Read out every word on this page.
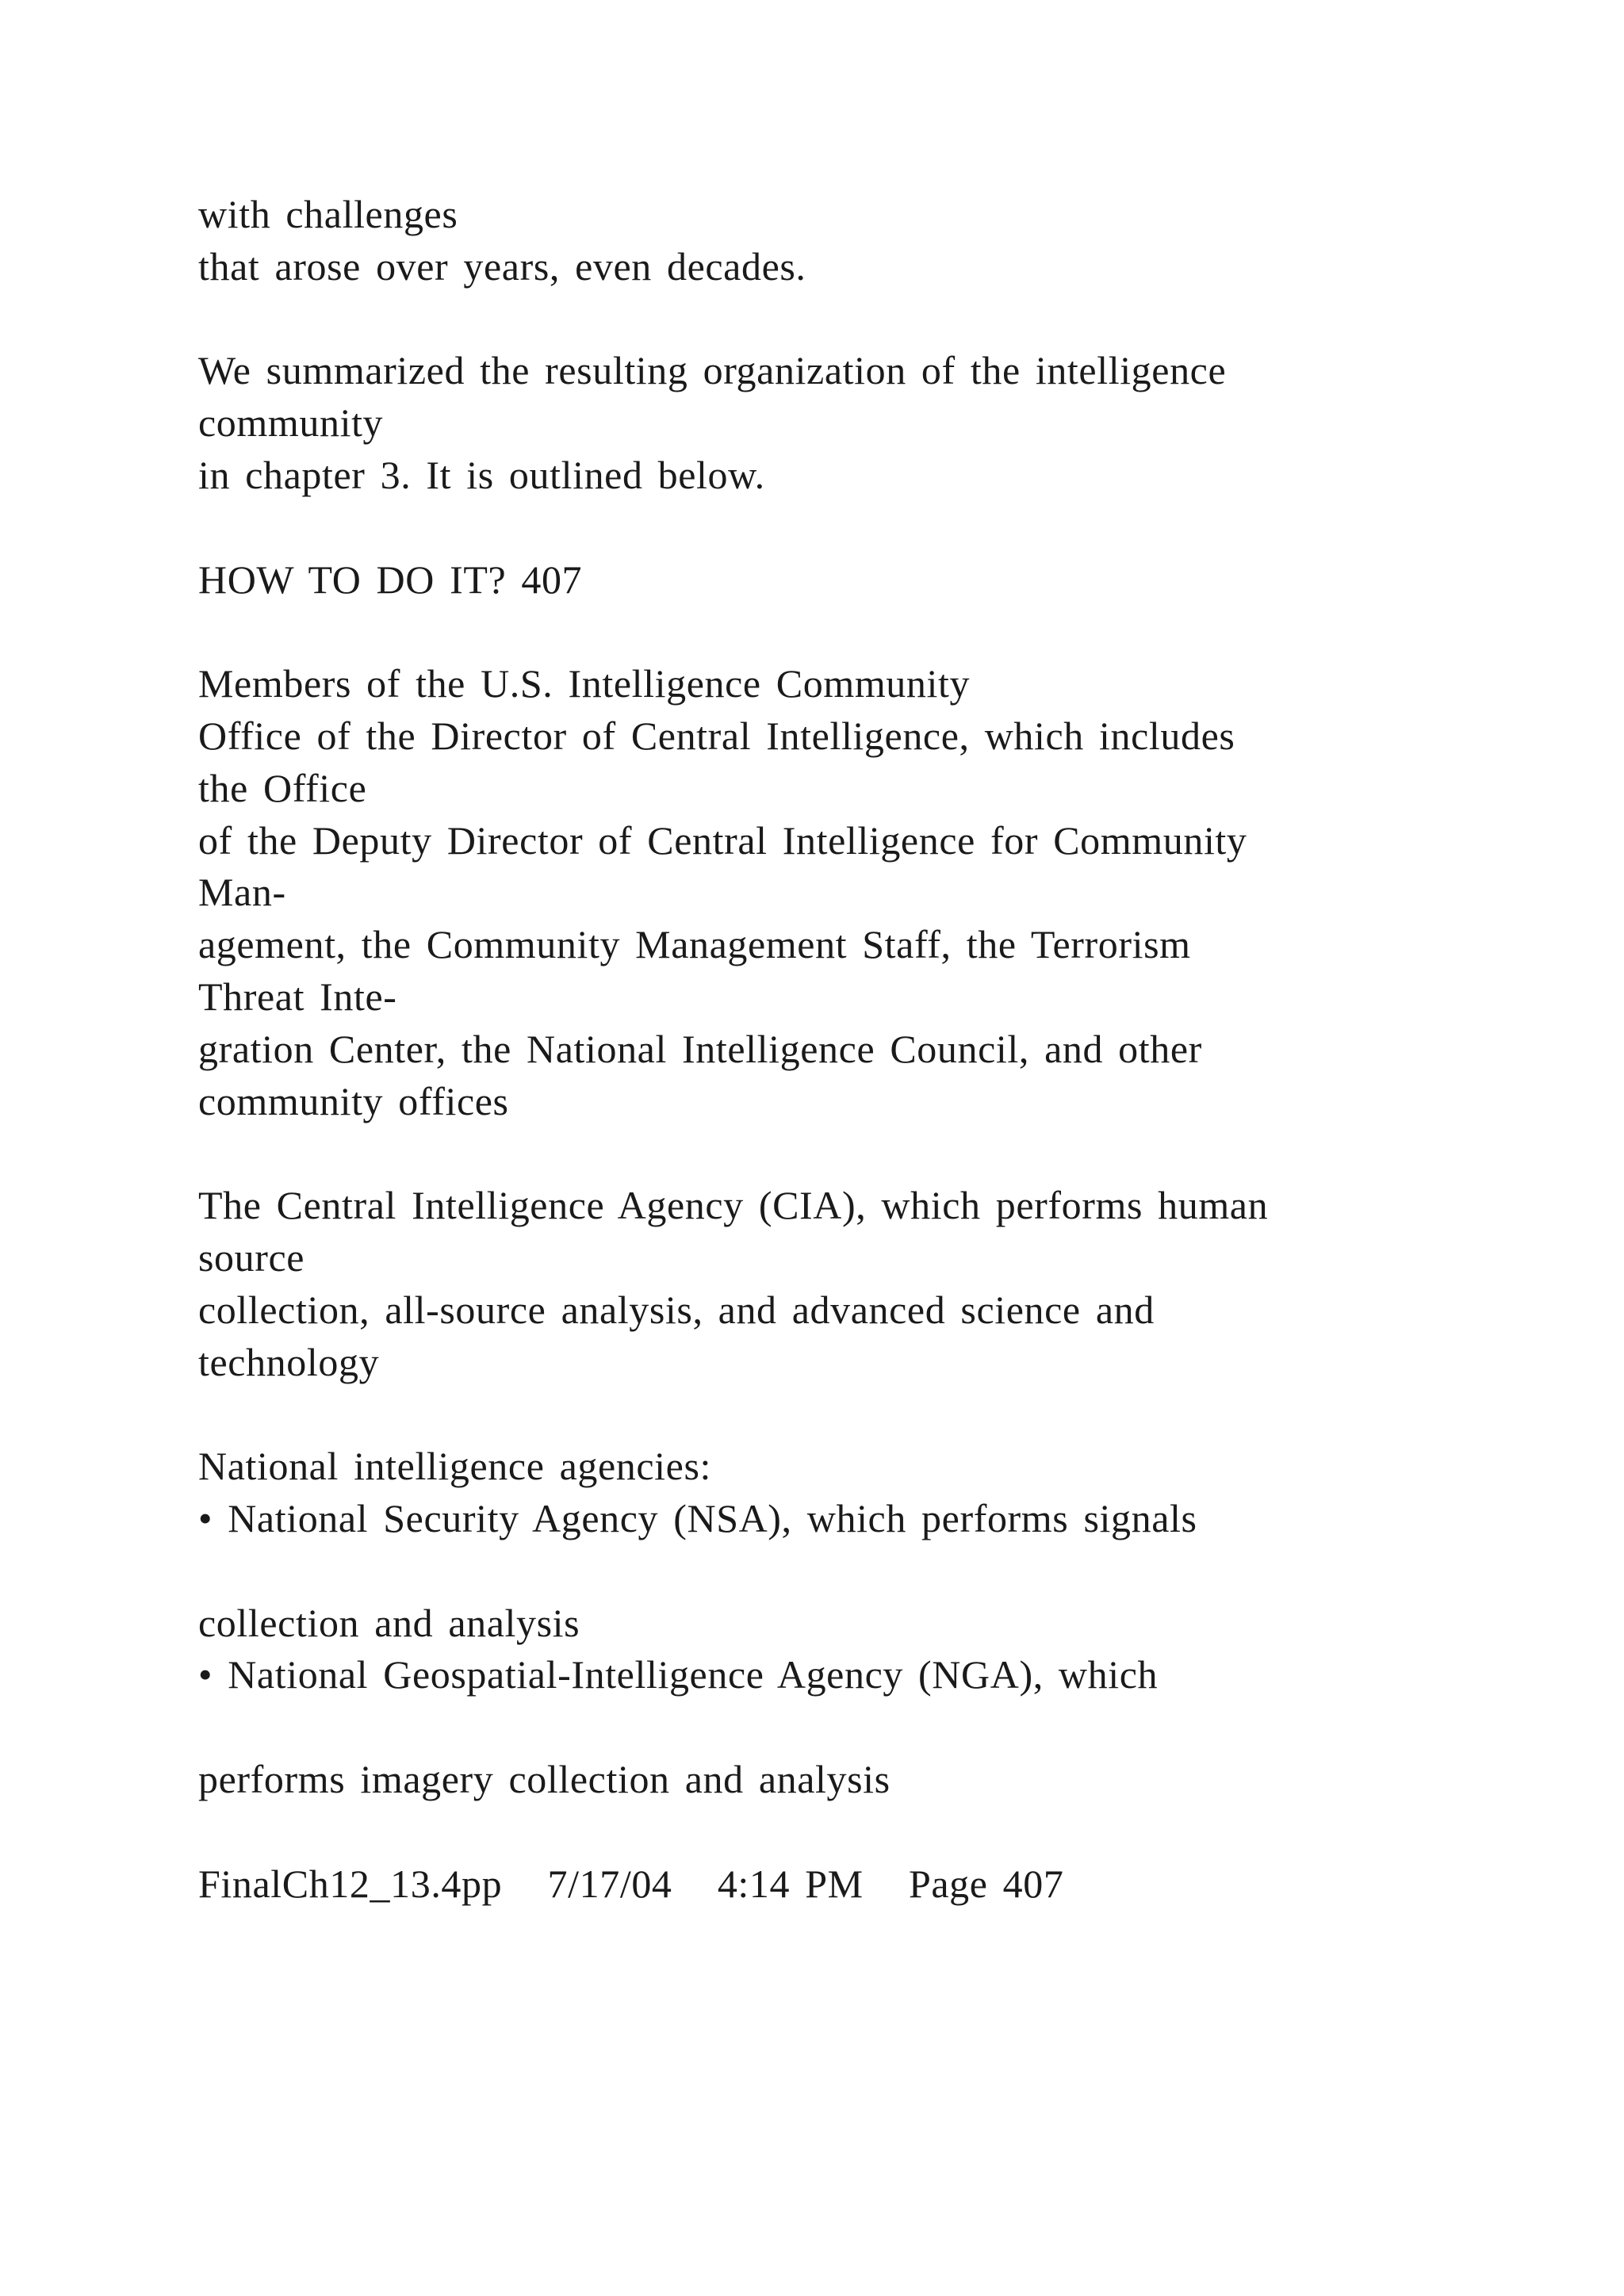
with challenges
that arose over years, even decades.
We summarized the resulting organization of the intelligence
community
in chapter 3. It is outlined below.
HOW TO DO IT? 407
Members of the U.S. Intelligence Community
Office of the Director of Central Intelligence, which includes
the Office
of the Deputy Director of Central Intelligence for Community
Man-
agement, the Community Management Staff, the Terrorism
Threat Inte-
gration Center, the National Intelligence Council, and other
community offices
The Central Intelligence Agency (CIA), which performs human
source
collection, all-source analysis, and advanced science and
technology
National intelligence agencies:
• National Security Agency (NSA), which performs signals
collection and analysis
• National Geospatial-Intelligence Agency (NGA), which
performs imagery collection and analysis
FinalCh12_13.4pp   7/17/04   4:14 PM   Page 407
